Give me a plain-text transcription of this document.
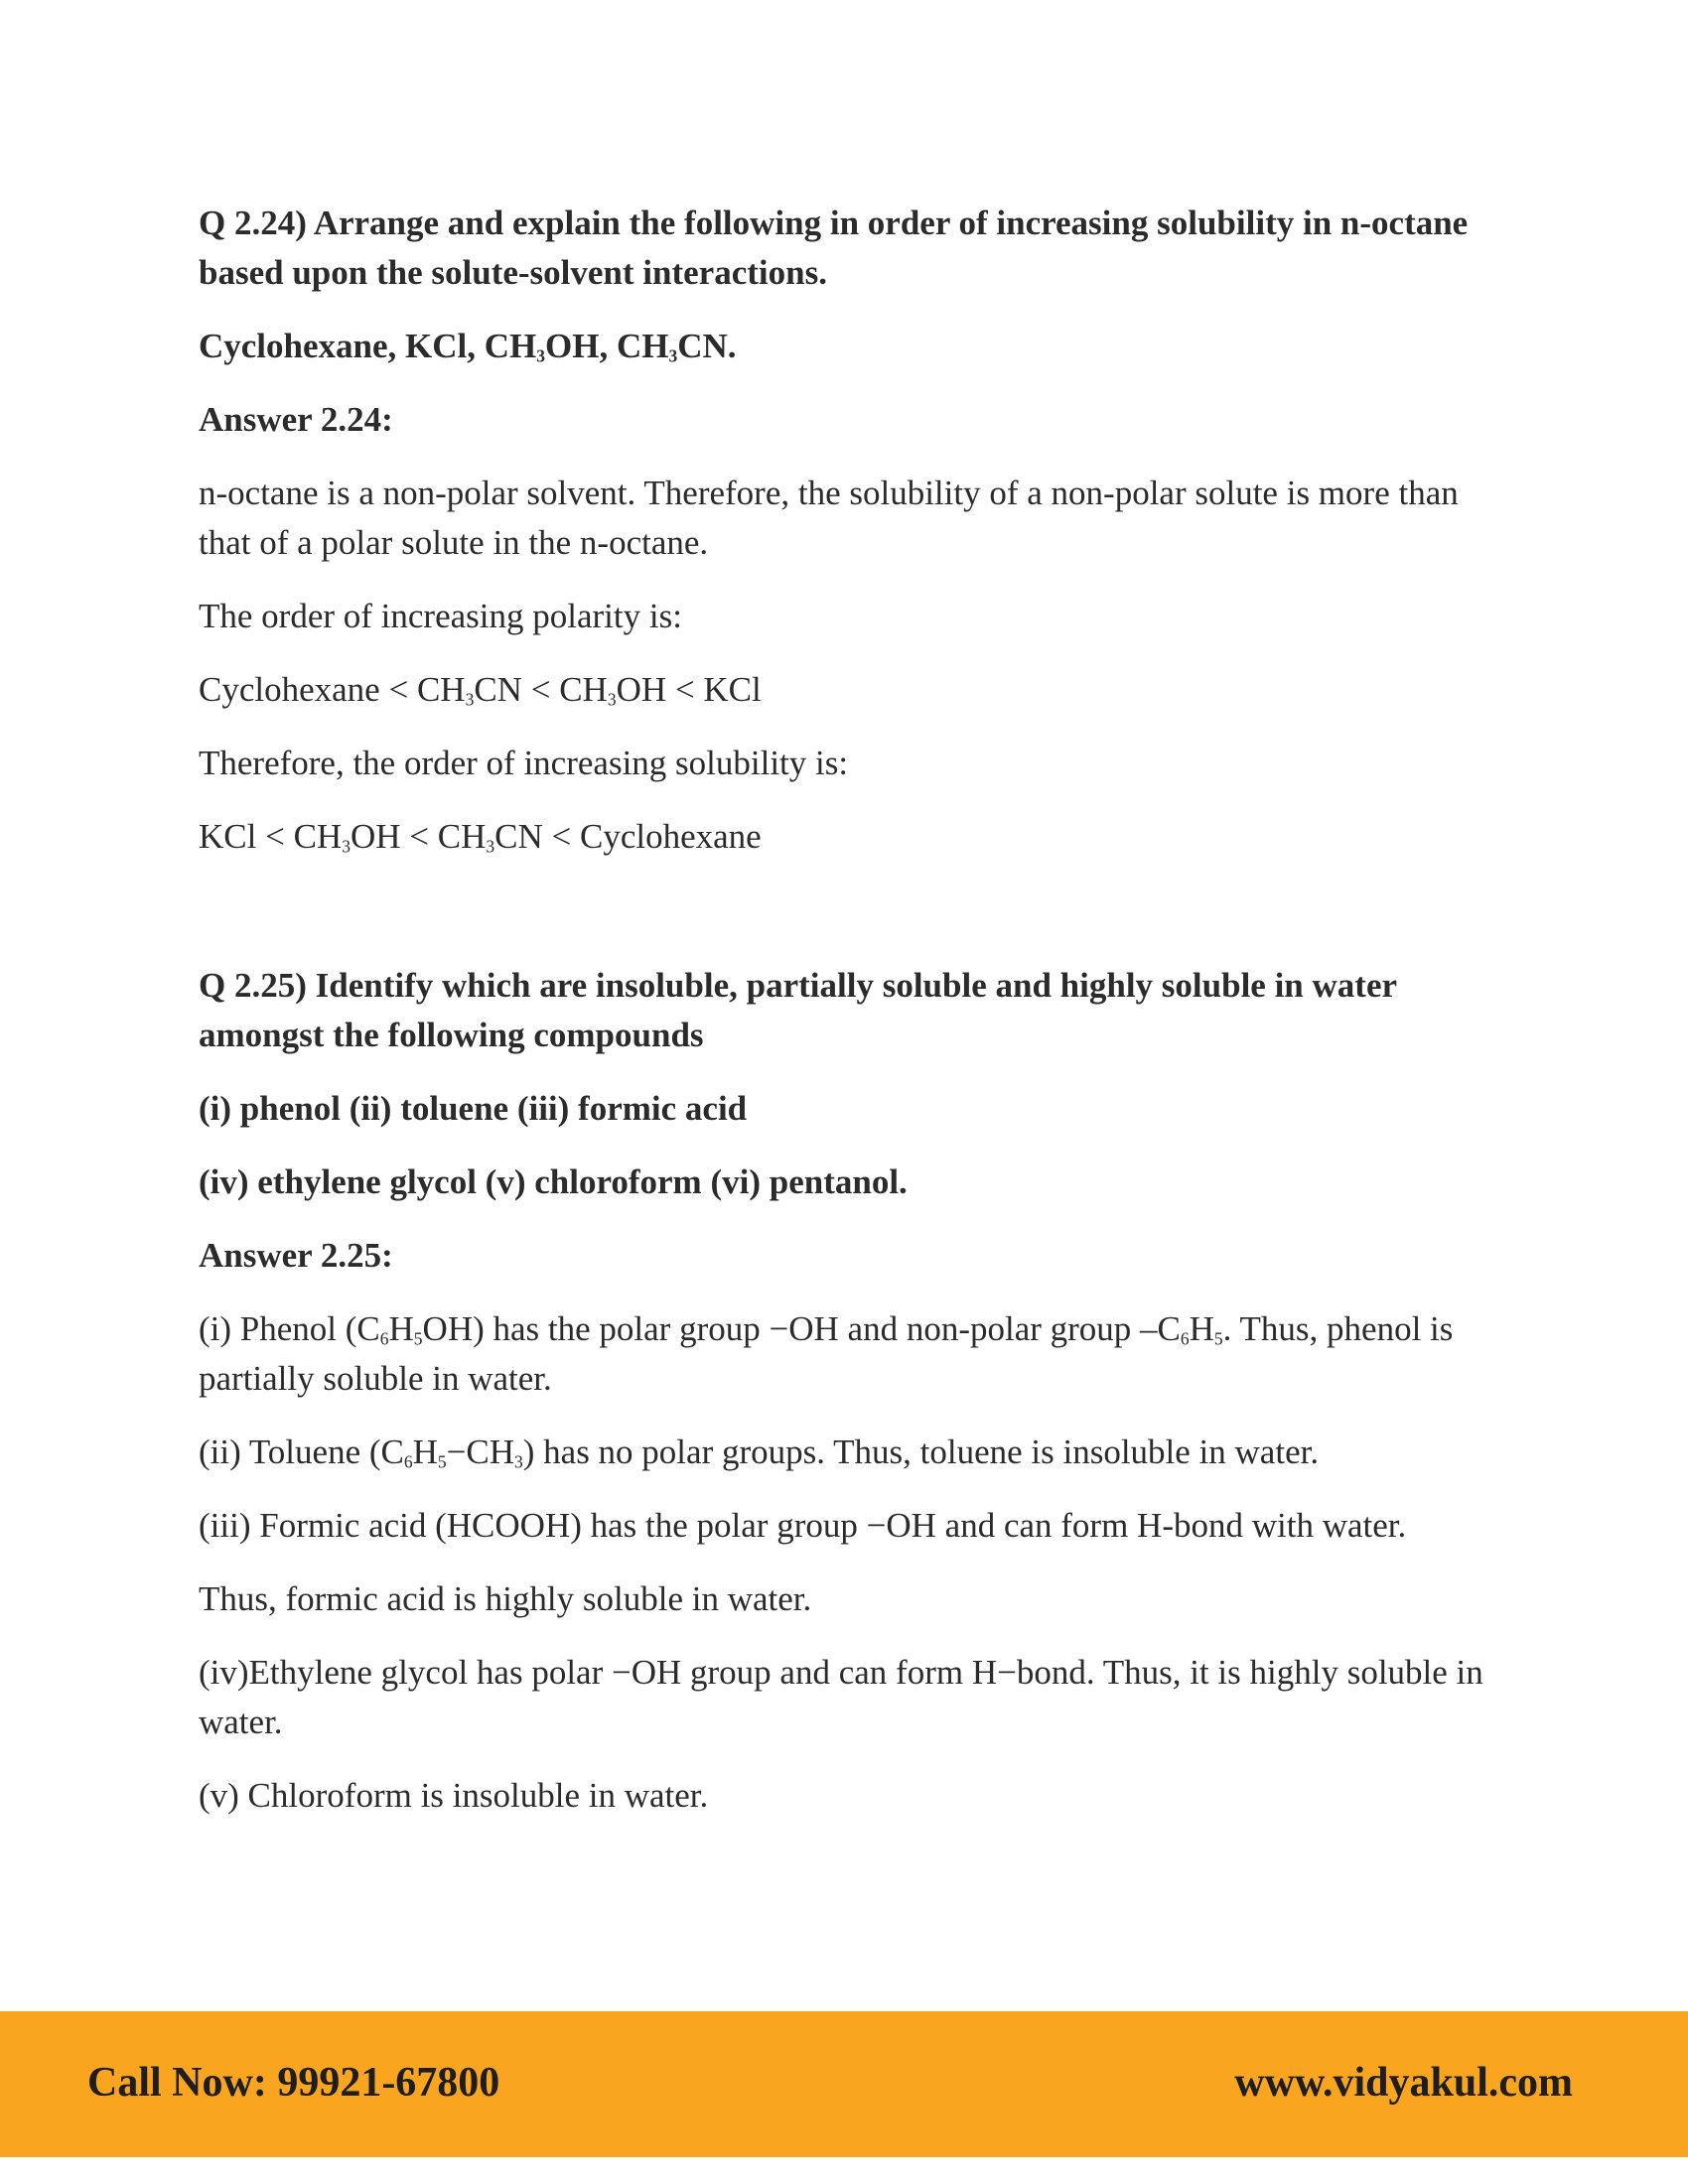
Q 2.24) Arrange and explain the following in order of increasing solubility in n-octane based upon the solute-solvent interactions.

Cyclohexane, KCl, $CH_3OH$, $CH_3CN$.

Answer 2.24:

n-octane is a non-polar solvent. Therefore, the solubility of a non-polar solute is more than that of a polar solute in the n-octane.

The order of increasing polarity is:

Cyclohexane < $CH_3CN < CH_3OH$ < KCl

Therefore, the order of increasing solubility is:

KCl < $CH_3OH < CH_3CN$ < Cyclohexane

Q 2.25) Identify which are insoluble, partially soluble and highly soluble in water amongst the following compounds

(i) phenol (ii) toluene (iii) formic acid

(iv) ethylene glycol (v) chloroform (vi) pentanol.

Answer 2.25:

(i) Phenol $(C_6H_5OH)$ has the polar group −OH and non-polar group $-C_6H_5$. Thus, phenol is partially soluble in water.

(ii) Toluene $(C_6H_5-CH_3)$ has no polar groups. Thus, toluene is insoluble in water.

(iii) Formic acid (HCOOH) has the polar group −OH and can form H-bond with water.

Thus, formic acid is highly soluble in water.

(iv)Ethylene glycol has polar −OH group and can form H−bond. Thus, it is highly soluble in water.

(v) Chloroform is insoluble in water.

Call Now: 99921-67800	www.vidyakul.com
